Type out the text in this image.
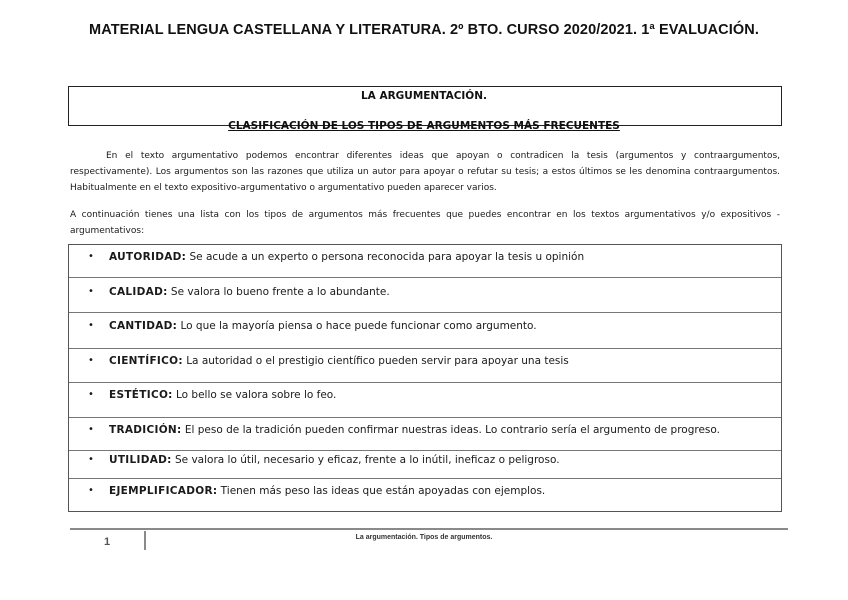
MATERIAL LENGUA CASTELLANA Y LITERATURA. 2º BTO. CURSO 2020/2021. 1ª EVALUACIÓN.
LA ARGUMENTACIÓN.
CLASIFICACIÓN DE LOS TIPOS DE ARGUMENTOS MÁS FRECUENTES
En el texto argumentativo podemos encontrar diferentes ideas que apoyan o contradicen la tesis (argumentos y contraargumentos, respectivamente). Los argumentos son las razones que utiliza un autor para apoyar o refutar su tesis; a estos últimos se les denomina contraargumentos. Habitualmente en el texto expositivo-argumentativo o argumentativo pueden aparecer varios.
A continuación tienes una lista con los tipos de argumentos más frecuentes que puedes encontrar en los textos argumentativos y/o expositivos -argumentativos:
• AUTORIDAD: Se acude a un experto o persona reconocida para apoyar la tesis u opinión
• CALIDAD: Se valora lo bueno frente a lo abundante.
• CANTIDAD: Lo que la mayoría piensa o hace puede funcionar como argumento.
• CIENTÍFICO: La autoridad o el prestigio científico pueden servir para apoyar una tesis
• ESTÉTICO: Lo bello se valora sobre lo feo.
• TRADICIÓN: El peso de la tradición pueden confirmar nuestras ideas. Lo contrario sería el argumento de progreso.
• UTILIDAD: Se valora lo útil, necesario y eficaz, frente a lo inútil, ineficaz o peligroso.
• EJEMPLIFICADOR: Tienen más peso las ideas que están apoyadas con ejemplos.
1	La argumentación. Tipos de argumentos.
